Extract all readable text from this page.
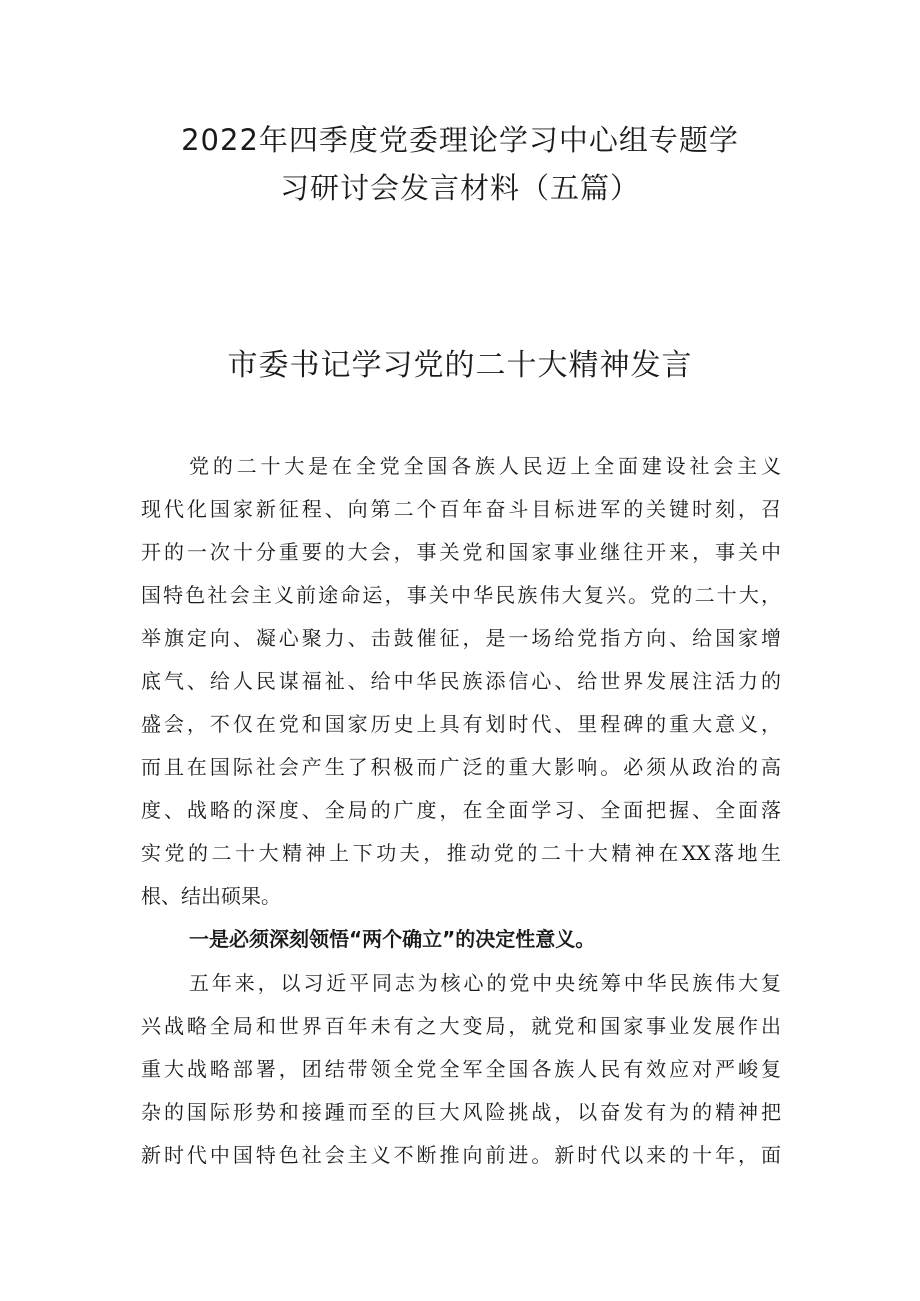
2022年四季度党委理论学习中心组专题学
习研讨会发言材料（五篇）
市委书记学习党的二十大精神发言
党的二十大是在全党全国各族人民迈上全面建设社会主义
现代化国家新征程、向第二个百年奋斗目标进军的关键时刻，召
开的一次十分重要的大会，事关党和国家事业继往开来，事关中
国特色社会主义前途命运，事关中华民族伟大复兴。党的二十大，
举旗定向、凝心聚力、击鼓催征，是一场给党指方向、给国家增
底气、给人民谋福祉、给中华民族添信心、给世界发展注活力的
盛会，不仅在党和国家历史上具有划时代、里程碑的重大意义，
而且在国际社会产生了积极而广泛的重大影响。必须从政治的高
度、战略的深度、全局的广度，在全面学习、全面把握、全面落
实党的二十大精神上下功夫，推动党的二十大精神在XX落地生
根、结出硕果。
一是必须深刻领悟“两个确立”的决定性意义。
五年来，以习近平同志为核心的党中央统筹中华民族伟大复
兴战略全局和世界百年未有之大变局，就党和国家事业发展作出
重大战略部署，团结带领全党全军全国各族人民有效应对严峻复
杂的国际形势和接踵而至的巨大风险挑战，以奋发有为的精神把
新时代中国特色社会主义不断推向前进。新时代以来的十年，面
